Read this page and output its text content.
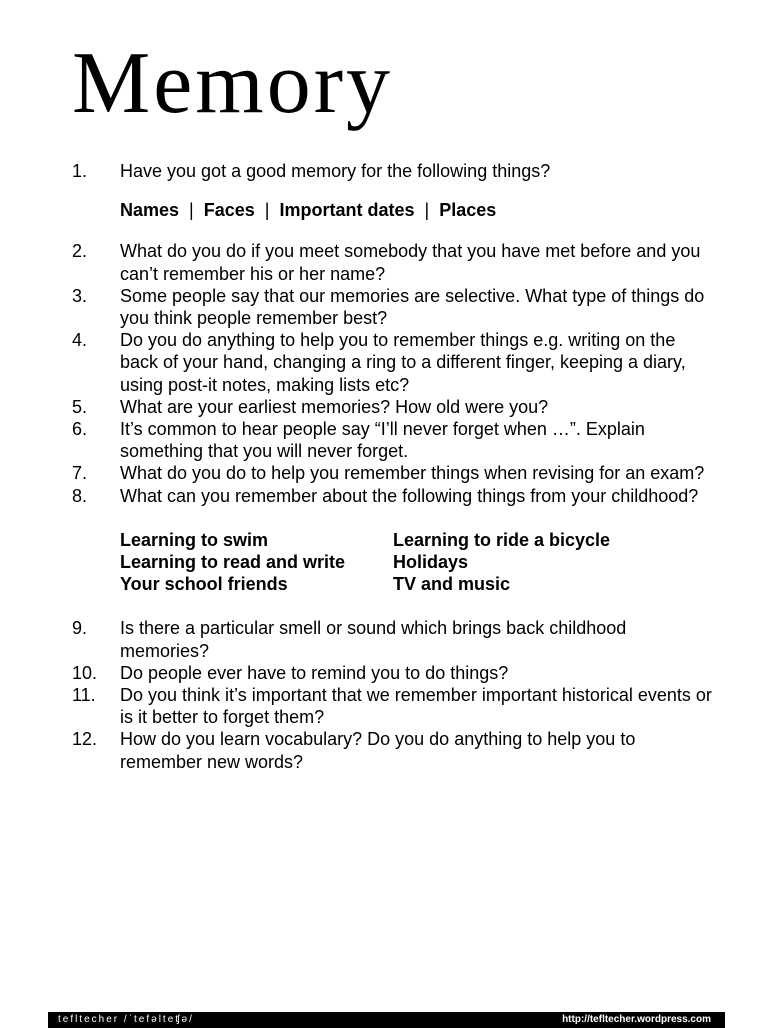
Memory
1.	Have you got a good memory for the following things?
Names | Faces | Important dates | Places
2.	What do you do if you meet somebody that you have met before and you can’t remember his or her name?
3.	Some people say that our memories are selective. What type of things do you think people remember best?
4.	Do you do anything to help you to remember things e.g. writing on the back of your hand, changing a ring to a different finger, keeping a diary, using post-it notes, making lists etc?
5.	What are your earliest memories? How old were you?
6.	It’s common to hear people say “I’ll never forget when …”. Explain something that you will never forget.
7.	What do you do to help you remember things when revising for an exam?
8.	What can you remember about the following things from your childhood?
Learning to swim	Learning to ride a bicycle
Learning to read and write	Holidays
Your school friends	TV and music
9.	Is there a particular smell or sound which brings back childhood memories?
10.	Do people ever have to remind you to do things?
11.	Do you think it’s important that we remember important historical events or is it better to forget them?
12.	How do you learn vocabulary? Do you do anything to help you to remember new words?
tefltecher /ˈtefəlteʧə/	http://tefltecher.wordpress.com
